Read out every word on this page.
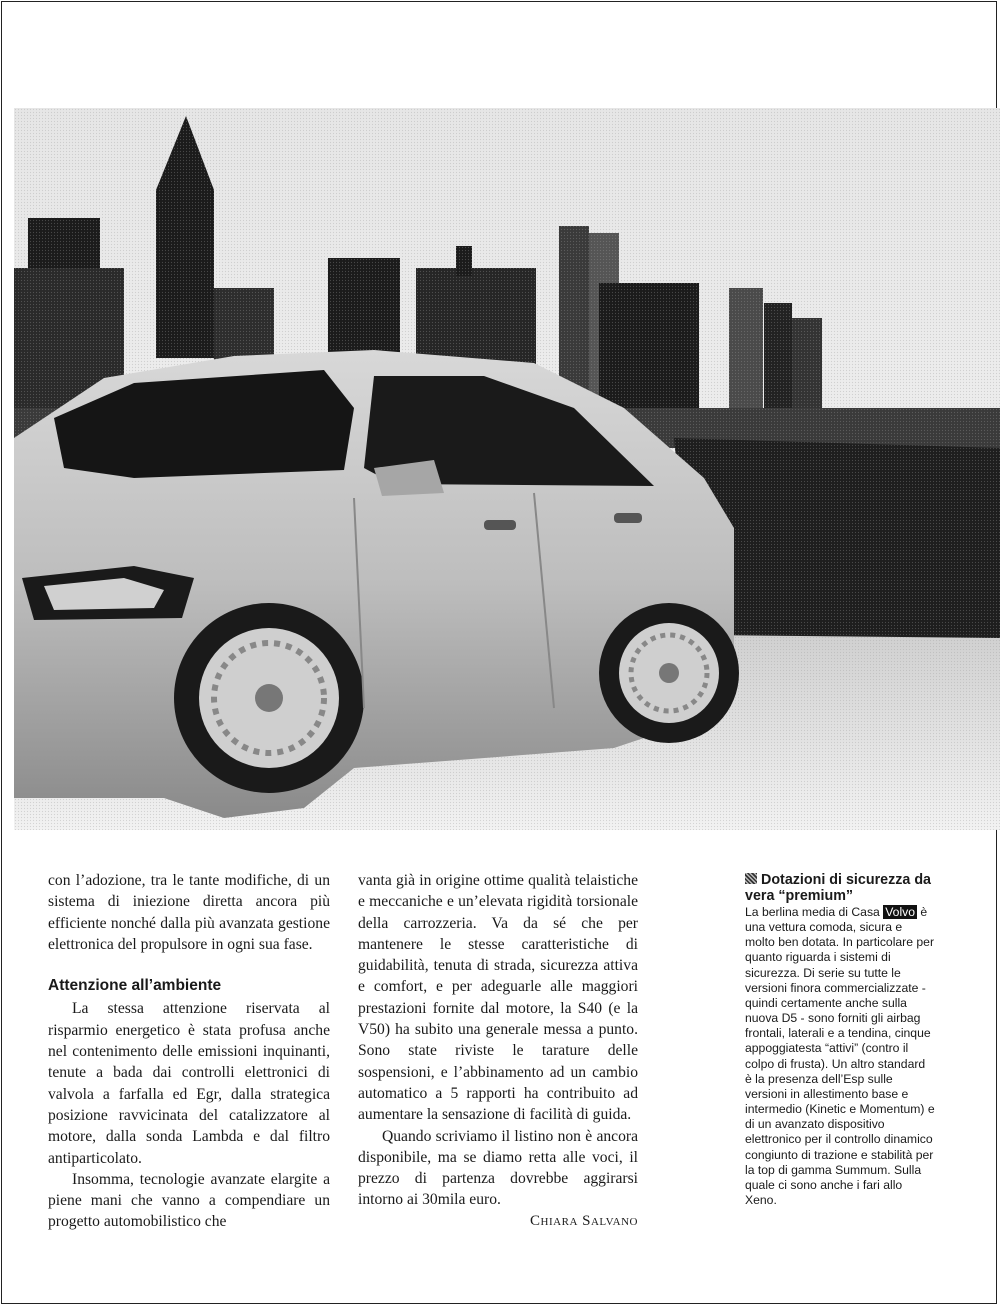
con l’adozione, tra le tante modifiche, di un sistema di iniezione diretta ancora più efficiente nonché dalla più avanzata gestione elettronica del propulsore in ogni sua fase.

Attenzione all’ambiente

La stessa attenzione riservata al risparmio energetico è stata profusa anche nel contenimento delle emissioni inquinanti, tenute a bada dai controlli elettronici di valvola a farfalla ed Egr, dalla strategica posizione ravvicinata del catalizzatore al motore, dalla sonda Lambda e dal filtro antiparticolato.

Insomma, tecnologie avanzate elargite a piene mani che vanno a compendiare un progetto automobilistico che

vanta già in origine ottime qualità telaistiche e meccaniche e un’elevata rigidità torsionale della carrozzeria. Va da sé che per mantenere le stesse caratteristiche di guidabilità, tenuta di strada, sicurezza attiva e comfort, e per adeguarle alle maggiori prestazioni fornite dal motore, la S40 (e la V50) ha subito una generale messa a punto. Sono state riviste le tarature delle sospensioni, e l’abbinamento ad un cambio automatico a 5 rapporti ha contribuito ad aumentare la sensazione di facilità di guida.

Quando scriviamo il listino non è ancora disponibile, ma se diamo retta alle voci, il prezzo di partenza dovrebbe aggirarsi intorno ai 30mila euro.

Chiara Salvano
Dotazioni di sicurezza da vera “premium”

La berlina media di Casa Volvo è una vettura comoda, sicura e molto ben dotata. In particolare per quanto riguarda i sistemi di sicurezza. Di serie su tutte le versioni finora commercializzate - quindi certamente anche sulla nuova D5 - sono forniti gli airbag frontali, laterali e a tendina, cinque appoggiatesta “attivi” (contro il colpo di frusta). Un altro standard è la presenza dell’Esp sulle versioni in allestimento base e intermedio (Kinetic e Momentum) e di un avanzato dispositivo elettronico per il controllo dinamico congiunto di trazione e stabilità per la top di gamma Summum. Sulla quale ci sono anche i fari allo Xeno.
